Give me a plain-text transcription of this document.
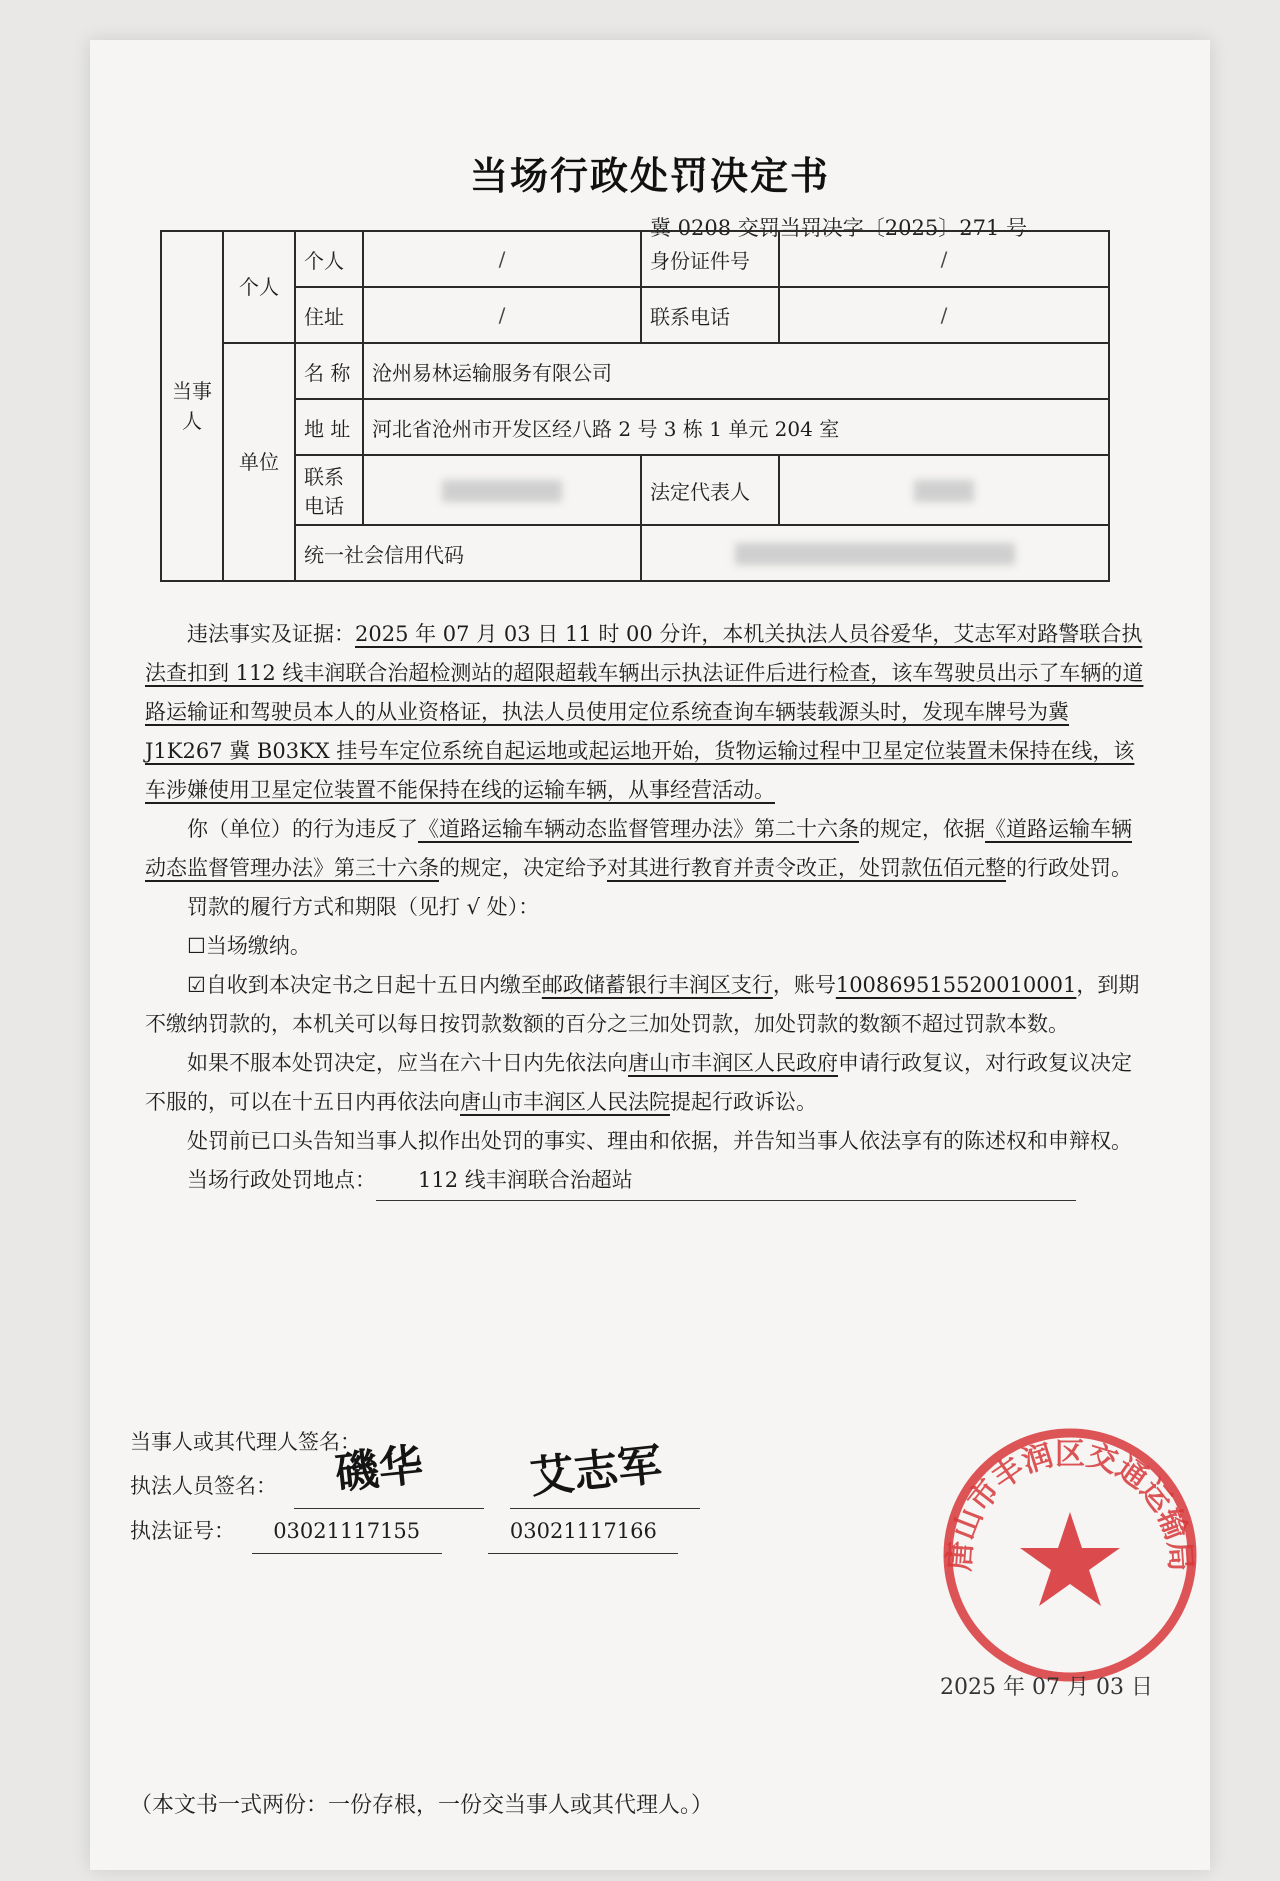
当场行政处罚决定书
冀 0208 交罚当罚决字〔2025〕271 号
当事人	个人	个人	/	身份证件号	/
		住址	/	联系电话	/
	单位	名 称	沧州易林运输服务有限公司		
		地 址	河北省沧州市开发区经八路 2 号 3 栋 1 单元 204 室		
		联系电话		法定代表人	
		统一社会信用代码			

违法事实及证据：2025 年 07 月 03 日 11 时 00 分许，本机关执法人员谷爱华，艾志军对路警联合执法查扣到 112 线丰润联合治超检测站的超限超载车辆出示执法证件后进行检查，该车驾驶员出示了车辆的道路运输证和驾驶员本人的从业资格证，执法人员使用定位系统查询车辆装载源头时，发现车牌号为冀 J1K267 冀 B03KX 挂号车定位系统自起运地或起运地开始，货物运输过程中卫星定位装置未保持在线，该车涉嫌使用卫星定位装置不能保持在线的运输车辆，从事经营活动。

你（单位）的行为违反了《道路运输车辆动态监督管理办法》第二十六条的规定，依据《道路运输车辆动态监督管理办法》第三十六条的规定，决定给予对其进行教育并责令改正，处罚款伍佰元整的行政处罚。

罚款的履行方式和期限（见打 √ 处）：

☐当场缴纳。

☑自收到本决定书之日起十五日内缴至邮政储蓄银行丰润区支行，账号100869515520010001，到期不缴纳罚款的，本机关可以每日按罚款数额的百分之三加处罚款，加处罚款的数额不超过罚款本数。

如果不服本处罚决定，应当在六十日内先依法向唐山市丰润区人民政府申请行政复议，对行政复议决定不服的，可以在十五日内再依法向唐山市丰润区人民法院提起行政诉讼。

处罚前已口头告知当事人拟作出处罚的事实、理由和依据，并告知当事人依法享有的陈述权和申辩权。

当场行政处罚地点： 112 线丰润联合治超站

当事人或其代理人签名：
执法人员签名：
执法证号： 03021117155	03021117166
磯华 艾志军
唐山市丰润区交通运输局
2025 年 07 月 03 日
（本文书一式两份：一份存根，一份交当事人或其代理人。）
